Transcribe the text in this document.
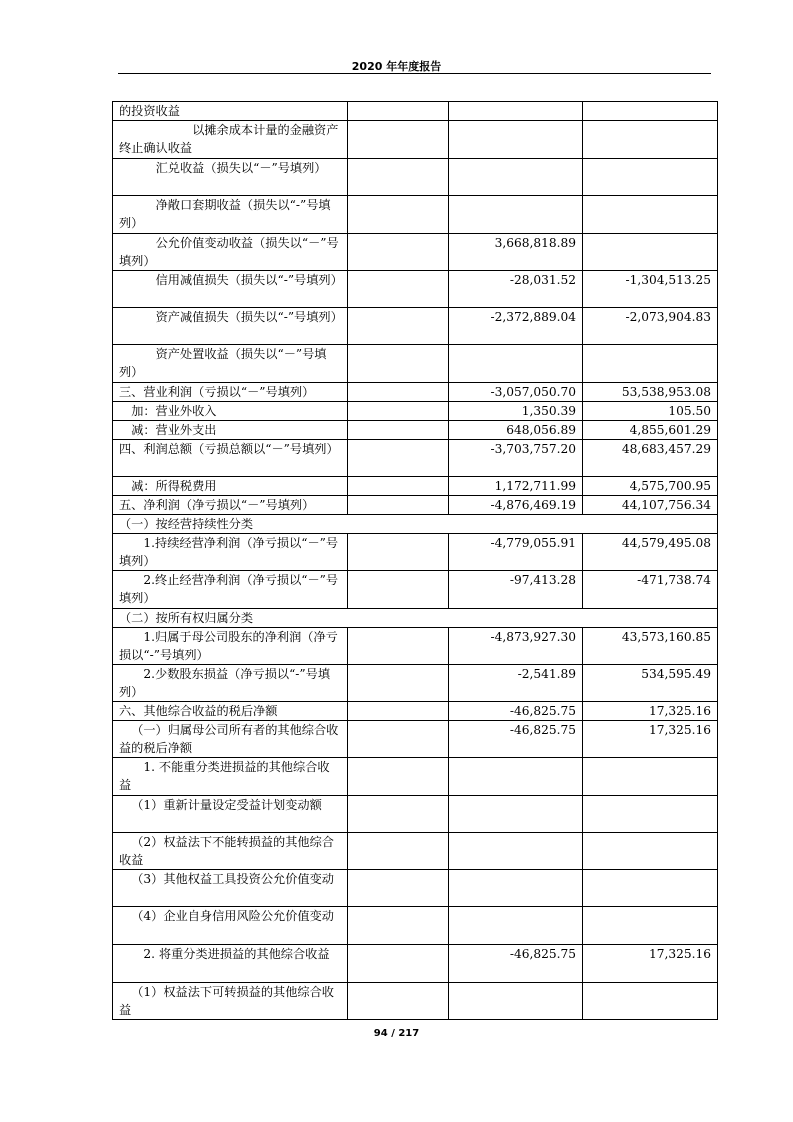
2020 年年度报告
的投资收益			
以摊余成本计量的金融资产终止确认收益			
汇兑收益（损失以“－”号填列）			
净敞口套期收益（损失以“-”号填列）			
公允价值变动收益（损失以“－”号填列）		3,668,818.89	
信用减值损失（损失以“-”号填列）		-28,031.52	-1,304,513.25
资产减值损失（损失以“-”号填列）		-2,372,889.04	-2,073,904.83
资产处置收益（损失以“－”号填列）			
三、营业利润（亏损以“－”号填列）		-3,057,050.70	53,538,953.08
加：营业外收入		1,350.39	105.50
减：营业外支出		648,056.89	4,855,601.29
四、利润总额（亏损总额以“－”号填列）		-3,703,757.20	48,683,457.29
减：所得税费用		1,172,711.99	4,575,700.95
五、净利润（净亏损以“－”号填列）		-4,876,469.19	44,107,756.34
（一）按经营持续性分类			
1.持续经营净利润（净亏损以“－”号填列）		-4,779,055.91	44,579,495.08
2.终止经营净利润（净亏损以“－”号填列）		-97,413.28	-471,738.74
（二）按所有权归属分类			
1.归属于母公司股东的净利润（净亏损以“-”号填列）		-4,873,927.30	43,573,160.85
2.少数股东损益（净亏损以“-”号填列）		-2,541.89	534,595.49
六、其他综合收益的税后净额		-46,825.75	17,325.16
（一）归属母公司所有者的其他综合收益的税后净额		-46,825.75	17,325.16
1. 不能重分类进损益的其他综合收益			
（1）重新计量设定受益计划变动额			
（2）权益法下不能转损益的其他综合收益			
（3）其他权益工具投资公允价值变动			
（4）企业自身信用风险公允价值变动			
2. 将重分类进损益的其他综合收益		-46,825.75	17,325.16
（1）权益法下可转损益的其他综合收益			
94 / 217
